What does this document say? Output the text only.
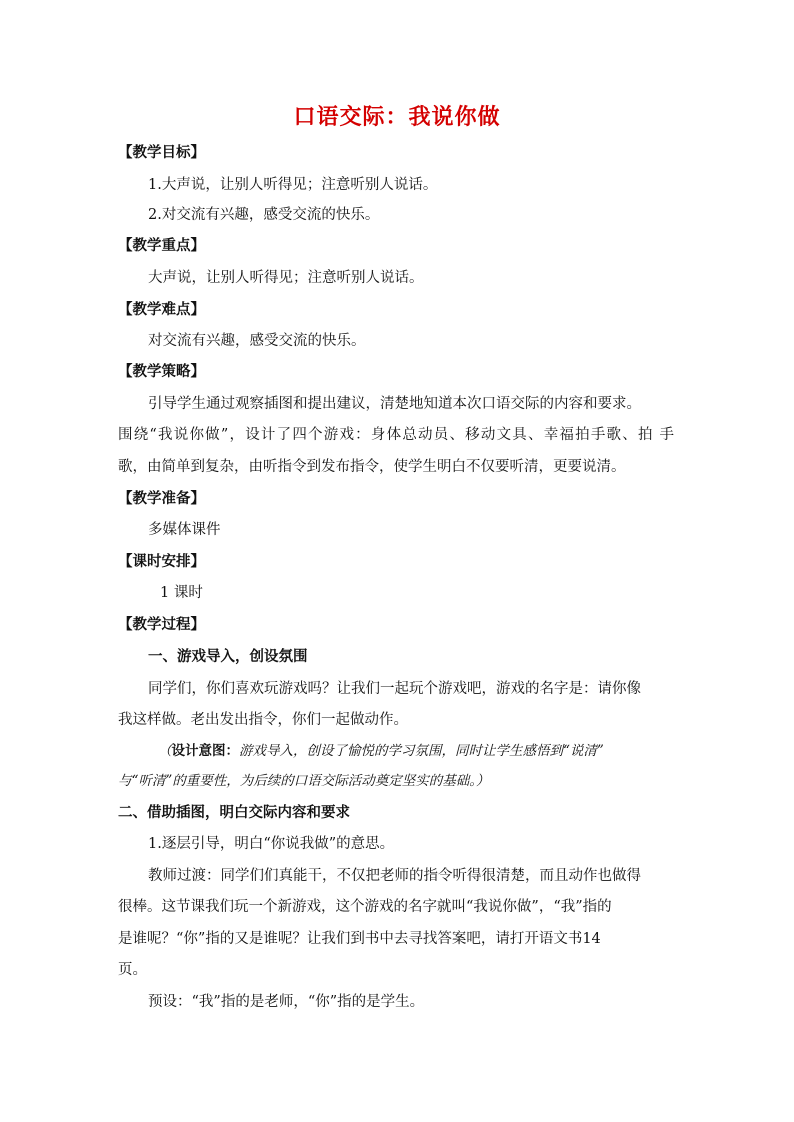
口语交际：我说你做
【教学目标】
1.大声说，让别人听得见；注意听别人说话。
2.对交流有兴趣，感受交流的快乐。
【教学重点】
大声说，让别人听得见；注意听别人说话。
【教学难点】
对交流有兴趣，感受交流的快乐。
【教学策略】
引导学生通过观察插图和提出建议，清楚地知道本次口语交际的内容和要求。
围绕“我说你做”，设计了四个游戏：身体总动员、移动文具、幸福拍手歌、拍 手
歌，由简单到复杂，由听指令到发布指令，使学生明白不仅要听清，更要说清。
【教学准备】
多媒体课件
【课时安排】
1 课时
【教学过程】
一、游戏导入，创设氛围
同学们，你们喜欢玩游戏吗？让我们一起玩个游戏吧，游戏的名字是：请你像
我这样做。老出发出指令，你们一起做动作。
（设计意图：游戏导入，创设了愉悦的学习氛围，同时让学生感悟到“说清”
与“听清”的重要性，为后续的口语交际活动奠定坚实的基础。）
二、借助插图，明白交际内容和要求
1.逐层引导，明白“你说我做”的意思。
教师过渡：同学们们真能干，不仅把老师的指令听得很清楚，而且动作也做得
很棒。这节课我们玩一个新游戏，这个游戏的名字就叫“我说你做”，“我”指的
是谁呢？“你”指的又是谁呢？让我们到书中去寻找答案吧，请打开语文书14
页。
预设：“我”指的是老师，“你”指的是学生。
